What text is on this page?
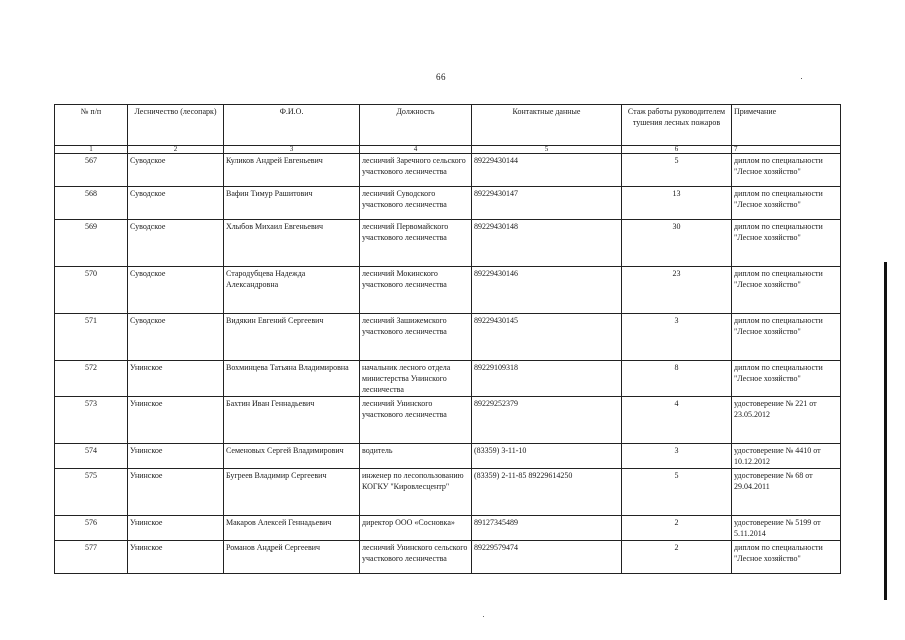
66
№ п/п	Лесничество (лесопарк)	Ф.И.О.	Должность	Контактные данные	Стаж работы руководителем тушения лесных пожаров	Примечание
1	2	3	4	5	6	7
567	Суводское	Куликов Андрей Евгеньевич	лесничий Заречного сельского участкового лесничества	89229430144	5	диплом по специальности "Лесное хозяйство"
568	Суводское	Вафин Тимур Рашитович	лесничий Суводского участкового лесничества	89229430147	13	диплом по специальности "Лесное хозяйство"
569	Суводское	Хлыбов Михаил Евгеньевич	лесничий Первомайского участкового лесничества	89229430148	30	диплом по специальности "Лесное хозяйство"
570	Суводское	Стародубцева Надежда Александровна	лесничий Мокинского участкового лесничества	89229430146	23	диплом по специальности "Лесное хозяйство"
571	Суводское	Видякин Евгений Сергеевич	лесничий Зашижемского участкового лесничества	89229430145	3	диплом по специальности "Лесное хозяйство"
572	Унинское	Вохминцева Татьяна Владимировна	начальник лесного отдела министерства Унинского лесничества	89229109318	8	диплом по специальности "Лесное хозяйство"
573	Унинское	Бахтин Иван Геннадьевич	лесничий Унинского участкового лесничества	89229252379	4	удостоверение № 221 от 23.05.2012
574	Унинское	Семеновых Сергей Владимирович	водитель	(83359) 3-11-10	3	удостоверение № 4410 от 10.12.2012
575	Унинское	Бугреев Владимир Сергеевич	инженер по лесопользованию КОГКУ "Кировлесцентр"	(83359) 2-11-85 89229614250	5	удостоверение № 68 от 29.04.2011
576	Унинское	Макаров Алексей Геннадьевич	директор ООО «Сосновка»	89127345489	2	удостоверение № 5199 от 5.11.2014
577	Унинское	Романов Андрей Сергеевич	лесничий Унинского сельского участкового лесничества	89229579474	2	диплом по специальности "Лесное хозяйство"
